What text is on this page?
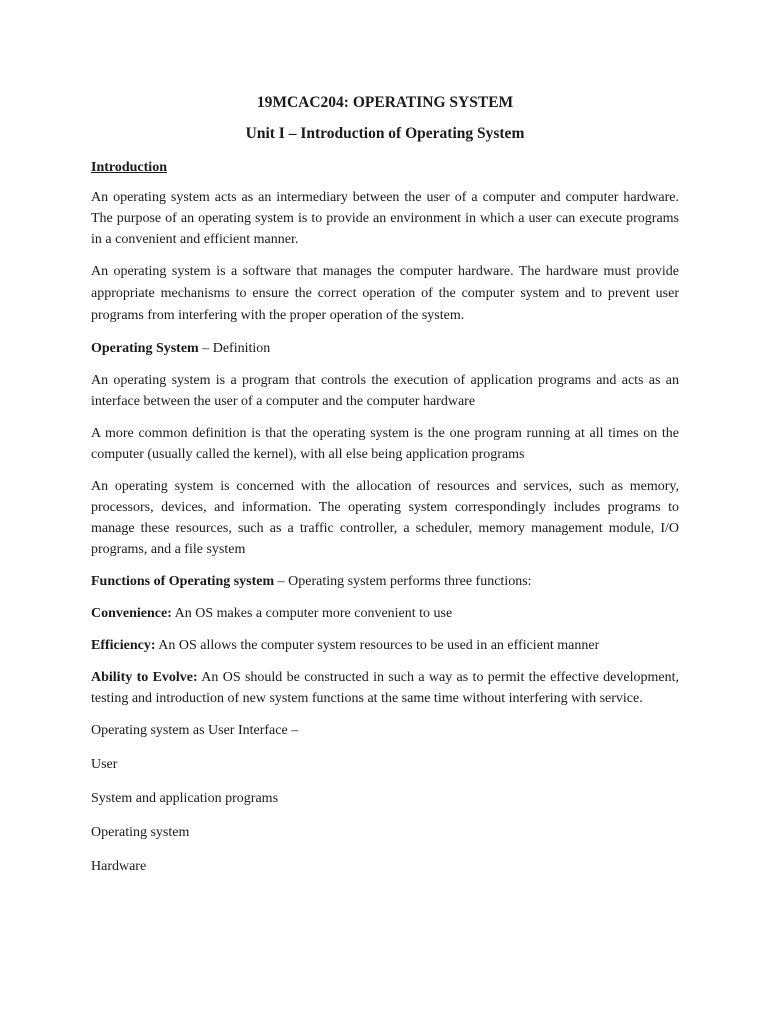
19MCAC204: OPERATING SYSTEM
Unit I – Introduction of Operating System
Introduction

An operating system acts as an intermediary between the user of a computer and computer hardware. The purpose of an operating system is to provide an environment in which a user can execute programs in a convenient and efficient manner.

An operating system is a software that manages the computer hardware. The hardware must provide appropriate mechanisms to ensure the correct operation of the computer system and to prevent user programs from interfering with the proper operation of the system.

Operating System – Definition

An operating system is a program that controls the execution of application programs and acts as an interface between the user of a computer and the computer hardware

A more common definition is that the operating system is the one program running at all times on the computer (usually called the kernel), with all else being application programs

An operating system is concerned with the allocation of resources and services, such as memory, processors, devices, and information. The operating system correspondingly includes programs to manage these resources, such as a traffic controller, a scheduler, memory management module, I/O programs, and a file system

Functions of Operating system – Operating system performs three functions:

Convenience: An OS makes a computer more convenient to use

Efficiency: An OS allows the computer system resources to be used in an efficient manner

Ability to Evolve: An OS should be constructed in such a way as to permit the effective development, testing and introduction of new system functions at the same time without interfering with service.

Operating system as User Interface –
User
System and application programs
Operating system
Hardware
